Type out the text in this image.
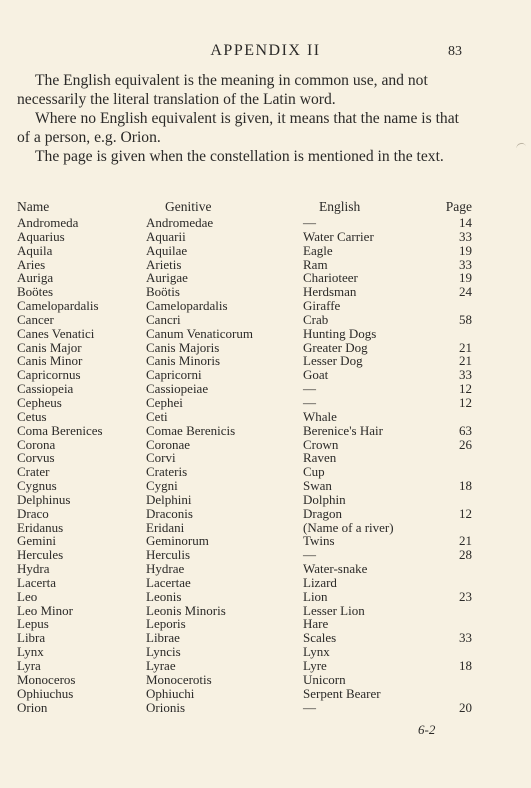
APPENDIX II	83

The English equivalent is the meaning in common use, and not necessarily the literal translation of the Latin word.

Where no English equivalent is given, it means that the name is that of a person, e.g. Orion.

The page is given when the constellation is mentioned in the text.

Name	Genitive	English	Page
Andromeda	Andromedae	—	14
Aquarius	Aquarii	Water Carrier	33
Aquila	Aquilae	Eagle	19
Aries	Arietis	Ram	33
Auriga	Aurigae	Charioteer	19
Boötes	Boötis	Herdsman	24
Camelopardalis	Camelopardalis	Giraffe
Cancer	Cancri	Crab	58
Canes Venatici	Canum Venaticorum	Hunting Dogs
Canis Major	Canis Majoris	Greater Dog	21
Canis Minor	Canis Minoris	Lesser Dog	21
Capricornus	Capricorni	Goat	33
Cassiopeia	Cassiopeiae	—	12
Cepheus	Cephei	—	12
Cetus	Ceti	Whale
Coma Berenices	Comae Berenicis	Berenice's Hair	63
Corona	Coronae	Crown	26
Corvus	Corvi	Raven
Crater	Crateris	Cup
Cygnus	Cygni	Swan	18
Delphinus	Delphini	Dolphin
Draco	Draconis	Dragon	12
Eridanus	Eridani	(Name of a river)
Gemini	Geminorum	Twins	21
Hercules	Herculis	—	28
Hydra	Hydrae	Water-snake
Lacerta	Lacertae	Lizard
Leo	Leonis	Lion	23
Leo Minor	Leonis Minoris	Lesser Lion
Lepus	Leporis	Hare
Libra	Librae	Scales	33
Lynx	Lyncis	Lynx
Lyra	Lyrae	Lyre	18
Monoceros	Monocerotis	Unicorn
Ophiuchus	Ophiuchi	Serpent Bearer
Orion	Orionis	—	20
6-2
